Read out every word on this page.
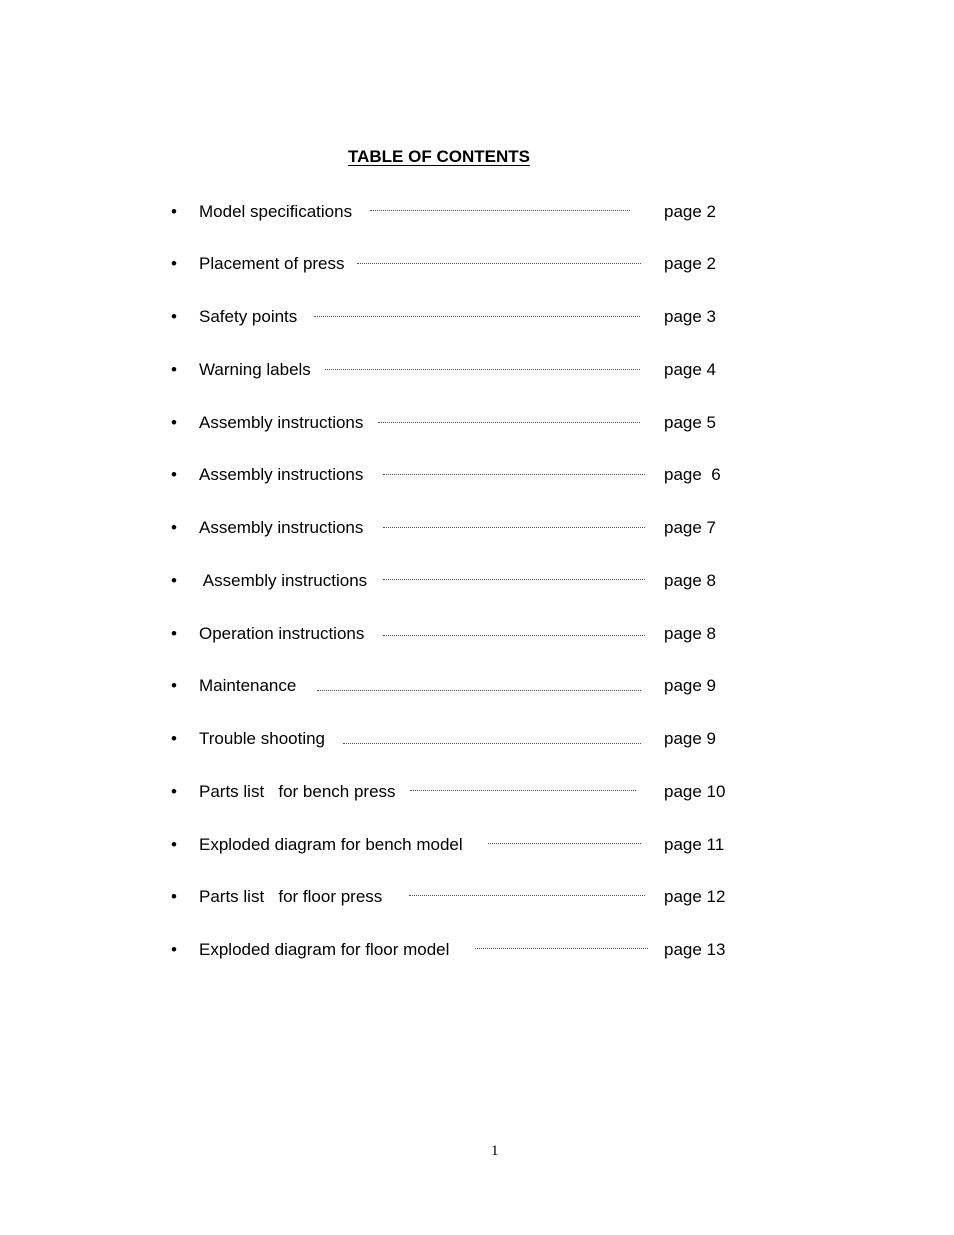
TABLE OF CONTENTS
• Model specifications	page 2
• Placement of press	page 2
• Safety points	page 3
• Warning labels	page 4
• Assembly instructions	page 5
• Assembly instructions	page  6
• Assembly instructions	page 7
• Assembly instructions	page 8
• Operation instructions	page 8
• Maintenance	page 9
• Trouble shooting	page 9
• Parts list   for bench press	page 10
• Exploded diagram for bench model	page 11
• Parts list   for floor press	page 12
• Exploded diagram for floor model	page 13
1
